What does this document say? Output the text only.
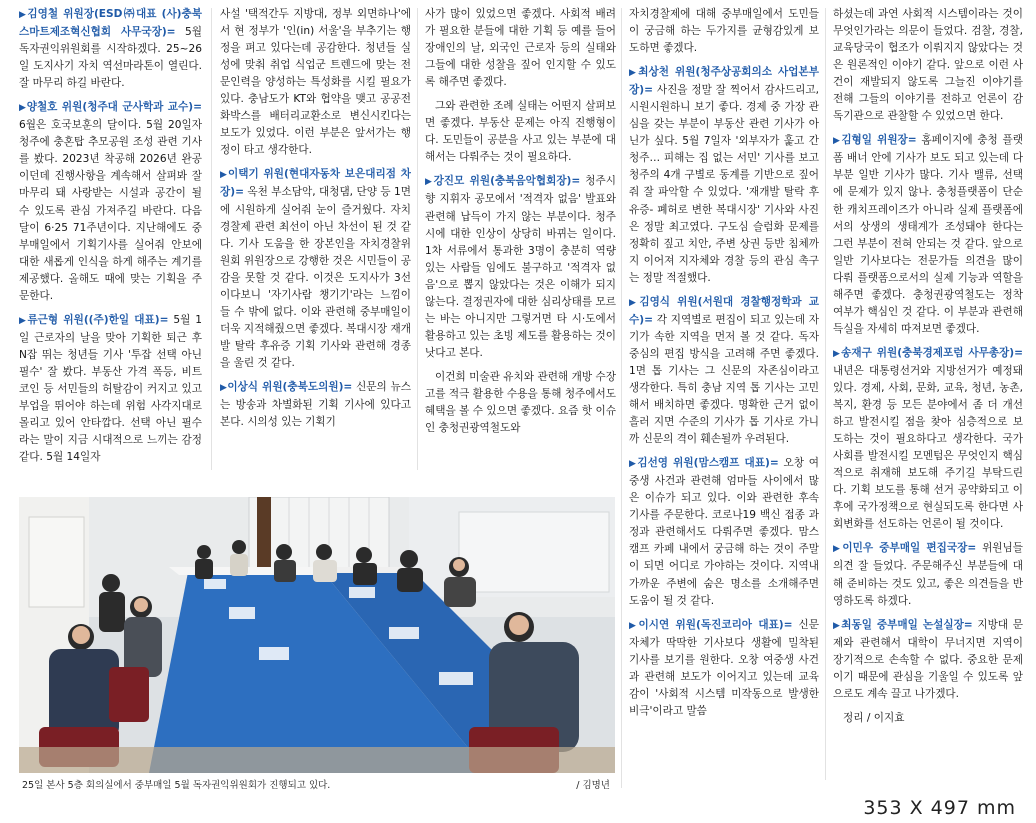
▶김영철 위원장(ESD㈜대표 (사)충북스마트제조혁신협회 사무국장)= 5월 독자권익위원회를 시작하겠다. 25~26일 도지사기 자치 역선마라톤이 열린다. 잘 마무리 하길 바란다.

▶양철호 위원(청주대 군사학과 교수)= 6월은 호국보훈의 달이다. 5월 20일자 청주에 충혼탑 추모공원 조성 관련 기사를 봤다. 2023년 착공해 2026년 완공이던데 진행사항을 계속해서 살펴봐 잘 마무리 돼 사랑받는 시설과 공간이 될 수 있도록 관심 가져주길 바란다. 다음달이 6·25 71주년이다. 지난해에도 중부매일에서 기획기사를 실어줘 안보에 대한 새롭게 인식을 하게 해주는 계기를 제공했다. 올해도 때에 맞는 기획을 주문한다.

▶류근형 위원((주)한일 대표)= 5월 1일 근로자의 날을 맞아 기획한 퇴근 후 N잡 뛰는 청년들 기사 '투잡 선택 아닌 필수' 잘 봤다. 부동산 가격 폭등, 비트코인 등 서민들의 허탈감이 커지고 있고 부업을 뛰어야 하는데 위험 사각지대로 몰리고 있어 안타깝다. 선택 아닌 필수라는 말이 지금 시대적으로 느끼는 감정 같다. 5월 14일자

사설 '택적간두 지방대, 정부 외면하나'에서 현 정부가 '인(in) 서울'을 부추기는 행정을 펴고 있다는데 공감한다. 청년들 실성에 맞춰 취업 식업군 트렌드에 맞는 전문인력을 양성하는 특성화를 시킬 필요가 있다. 충남도가 KT와 협약을 맺고 공공전화박스를 배터리교환소로 변신시킨다는 보도가 있었다. 이런 부분은 앞서가는 행정이 타고 생각한다.

▶이택기 위원(현대자동차 보은대리점 차장)= 옥천 부소담악, 대청댐, 단양 등 1면에 시원하게 실어줘 눈이 즐거웠다. 자치경찰제 관련 최선이 아닌 차선이 된 것 같다. 기사 도움을 한 장본인을 자치경찰위원회 위원장으로 강행한 것은 시민들이 공감을 못할 것 같다. 이것은 도지사가 3선이다보니 '자기사람 챙기기'라는 느낌이 들 수 밖에 없다. 이와 관련해 중부매일이 더욱 지적해줬으면 좋겠다. 복대시장 재개발 탈락 후유증 기획 기사와 관련해 경종을 울린 것 같다.

▶이상식 위원(충북도의원)= 신문의 뉴스는 방송과 차별화된 기획 기사에 있다고 본다. 시의성 있는 기획기

사가 많이 있었으면 좋겠다. 사회적 배려가 필요한 분들에 대한 기획 등 예를 들어 장애인의 날, 외국인 근로자 등의 실태와 그들에 대한 성찰을 짚어 인지할 수 있도록 해주면 좋겠다.

그와 관련한 조례 실태는 어떤지 살펴보면 좋겠다. 부동산 문제는 아직 진행형이다. 도민들이 공분을 사고 있는 부분에 대해서는 다뤄주는 것이 필요하다.

▶강진모 위원(충북음악협회장)= 청주시향 지휘자 공모에서 '적격자 없음' 발표와 관련해 납득이 가지 않는 부분이다. 청주시에 대한 인상이 상당히 바뀌는 일이다. 1차 서류에서 통과한 3명이 충분히 역량 있는 사람들 임에도 불구하고 '적격자 없음'으로 뽑지 않았다는 것은 이해가 되지 않는다. 결정권자에 대한 심리상태를 모르는 바는 아니지만 그렇거면 타 시·도에서 활용하고 있는 초빙 제도를 활용하는 것이 낫다고 본다.

이건희 미술관 유치와 관련해 개방 수장고를 적극 활용한 수용을 통해 청주에서도 혜택을 볼 수 있으면 좋겠다. 요즘 핫 이슈인 충청권광역철도와

자치경찰제에 대해 중부매일에서 도민들이 궁금해 하는 두가지를 균형감있게 보도하면 좋겠다.

▶최상천 위원(청주상공회의소 사업본부장)= 사진을 정말 잘 찍어서 감사드리고, 시원시원하니 보기 좋다. 경제 중 가장 관심을 갖는 부분이 부동산 관련 기사가 아닌가 싶다. 5월 7일자 '외부자가 훑고 간 청주… 피해는 집 없는 서민' 기사를 보고 청주의 4개 구별로 동계를 기반으로 짚어줘 잘 파악할 수 있었다. '재개발 탈락 후유증- 폐허로 변한 복대시장' 기사와 사진은 정말 최고였다. 구도심 슬럼화 문제를 정확히 짚고 치안, 주변 상권 등반 침체까지 이어져 지자체와 경찰 등의 관심 촉구는 정말 적절했다.

▶김영식 위원(서원대 경찰행정학과 교수)= 각 지역별로 편집이 되고 있는데 자기가 속한 지역을 먼저 볼 것 같다. 독자중심의 편집 방식을 고려해 주면 좋겠다. 1면 톱 기사는 그 신문의 자존심이라고 생각한다. 특히 충남 지역 톱 기사는 고민해서 배치하면 좋겠다. 명확한 근거 없이 흘러 지면 수준의 기사가 톱 기사로 가니까 신문의 격이 훼손될까 우려된다.

▶김선영 위원(맘스캠프 대표)= 오창 여중생 사건과 관련해 엄마들 사이에서 많은 이슈가 되고 있다. 이와 관련한 후속 기사를 주문한다. 코로나19 백신 접종 과정과 관련해서도 다뤄주면 좋겠다. 맘스캠프 카페 내에서 궁금해 하는 것이 주말이 되면 어디로 가야하는 것이다. 지역내 가까운 주변에 숨은 명소를 소개해주면 도움이 될 것 같다.

▶이시연 위원(독진코리아 대표)= 신문 자체가 딱딱한 기사보다 생활에 밀착된 기사를 보기를 원한다. 오창 여중생 사건과 관련해 보도가 이어지고 있는데 교육감이 '사회적 시스템 미작동으로 발생한 비극'이라고 말씀

하셨는데 과연 사회적 시스템이라는 것이 무엇인가라는 의문이 들었다. 검찰, 경찰, 교육당국이 협조가 이뤄지지 않았다는 것은 원론적인 이야기 같다. 앞으로 이런 사건이 재발되지 않도록 그늘진 이야기를 전해 그들의 이야기를 전하고 언론이 감독기관으로 관찰할 수 있었으면 한다.

▶김형일 위원장= 홈페이지에 충청 플랫폼 배너 안에 기사가 보도 되고 있는데 다부분 일반 기사가 많다. 기사 밸류, 선택에 문제가 있지 않나. 충청플랫폼이 단순한 캐치프레이즈가 아니라 실제 플랫폼에서의 상생의 생태계가 조성돼야 한다는 그런 부분이 전혀 안되는 것 같다. 앞으로 일반 기사보다는 전문가들 의견을 많이 다뤄 플랫폼으로서의 실제 기능과 역할을 해주면 좋겠다. 충청권광역철도는 정착 여부가 핵심인 것 같다. 이 부분과 관련해 득실을 자세히 따져보면 좋겠다.

▶송재구 위원(충북경제포럼 사무총장)= 내년은 대통령선거와 지방선거가 예정돼 있다. 경제, 사회, 문화, 교육, 청년, 농촌, 복지, 환경 등 모든 분야에서 좀 더 개선하고 발전시킬 점을 찾아 심층적으로 보도하는 것이 필요하다고 생각한다. 국가사회를 발전시킬 모멘텀은 무엇인지 핵심적으로 취재해 보도해 주기길 부탁드린다. 기획 보도를 통해 선거 공약화되고 이후에 국가정책으로 현실되도록 한다면 사회변화를 선도하는 언론이 될 것이다.

▶이민우 중부매일 편집국장= 위원님들 의견 잘 들었다. 주문해주신 부분들에 대해 준비하는 것도 있고, 좋은 의견들을 반영하도록 하겠다.

▶최동일 중부매일 논설실장= 지방대 문제와 관련해서 대학이 무너지면 지역이 장기적으로 손속할 수 없다. 중요한 문제이기 때문에 관심을 기울일 수 있도록 앞으로도 계속 끌고 나가겠다.

정리 / 이지효

25일 본사 5층 회의실에서 중부매일 5월 독자권익위원회가 진행되고 있다.	/ 김명년
353 X 497 mm
